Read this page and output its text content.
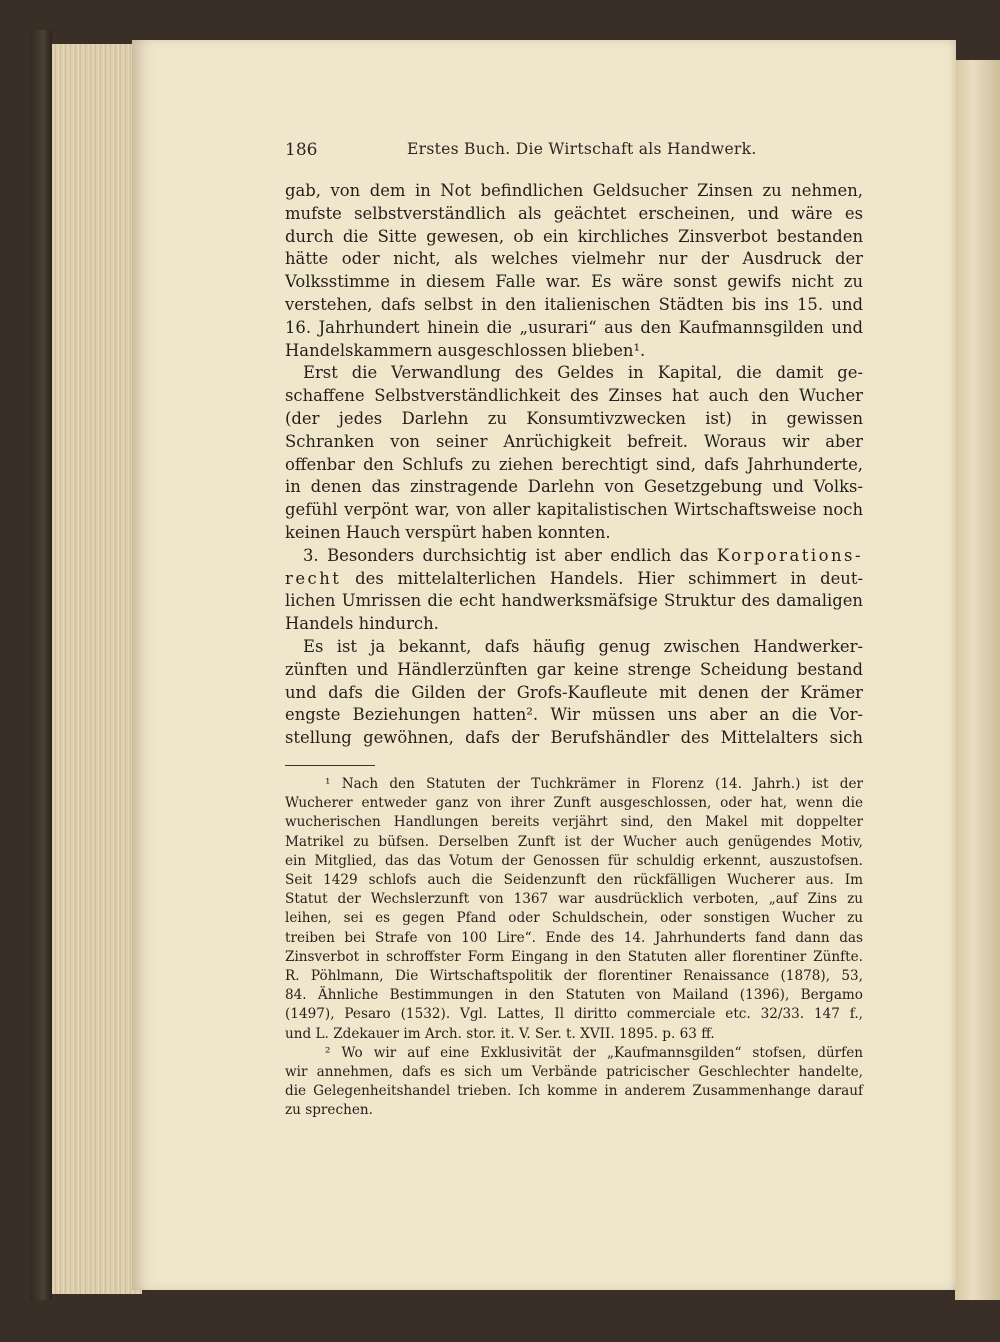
186	Erstes Buch. Die Wirtschaft als Handwerk.

gab, von dem in Not befindlichen Geldsucher Zinsen zu nehmen,
mufste selbstverständlich als geächtet erscheinen, und wäre es
durch die Sitte gewesen, ob ein kirchliches Zinsverbot bestanden
hätte oder nicht, als welches vielmehr nur der Ausdruck der
Volksstimme in diesem Falle war. Es wäre sonst gewifs nicht zu
verstehen, dafs selbst in den italienischen Städten bis ins 15. und
16. Jahrhundert hinein die „usurari“ aus den Kaufmannsgilden und
Handelskammern ausgeschlossen blieben¹.

Erst die Verwandlung des Geldes in Kapital, die damit ge-
schaffene Selbstverständlichkeit des Zinses hat auch den Wucher
(der jedes Darlehn zu Konsumtivzwecken ist) in gewissen
Schranken von seiner Anrüchigkeit befreit. Woraus wir aber
offenbar den Schlufs zu ziehen berechtigt sind, dafs Jahrhunderte,
in denen das zinstragende Darlehn von Gesetzgebung und Volks-
gefühl verpönt war, von aller kapitalistischen Wirtschaftsweise noch
keinen Hauch verspürt haben konnten.

3. Besonders durchsichtig ist aber endlich das Korporations-
recht des mittelalterlichen Handels. Hier schimmert in deut-
lichen Umrissen die echt handwerksmäfsige Struktur des damaligen
Handels hindurch.

Es ist ja bekannt, dafs häufig genug zwischen Handwerker-
zünften und Händlerzünften gar keine strenge Scheidung bestand
und dafs die Gilden der Grofs-Kaufleute mit denen der Krämer
engste Beziehungen hatten². Wir müssen uns aber an die Vor-
stellung gewöhnen, dafs der Berufshändler des Mittelalters sich

¹ Nach den Statuten der Tuchkrämer in Florenz (14. Jahrh.) ist der
Wucherer entweder ganz von ihrer Zunft ausgeschlossen, oder hat, wenn die
wucherischen Handlungen bereits verjährt sind, den Makel mit doppelter
Matrikel zu büfsen. Derselben Zunft ist der Wucher auch genügendes Motiv,
ein Mitglied, das das Votum der Genossen für schuldig erkennt, auszustofsen.
Seit 1429 schlofs auch die Seidenzunft den rückfälligen Wucherer aus. Im
Statut der Wechslerzunft von 1367 war ausdrücklich verboten, „auf Zins zu
leihen, sei es gegen Pfand oder Schuldschein, oder sonstigen Wucher zu
treiben bei Strafe von 100 Lire“. Ende des 14. Jahrhunderts fand dann das
Zinsverbot in schroffster Form Eingang in den Statuten aller florentiner Zünfte.
R. Pöhlmann, Die Wirtschaftspolitik der florentiner Renaissance (1878), 53,
84. Ähnliche Bestimmungen in den Statuten von Mailand (1396), Bergamo
(1497), Pesaro (1532). Vgl. Lattes, Il diritto commerciale etc. 32/33. 147 f.,
und L. Zdekauer im Arch. stor. it. V. Ser. t. XVII. 1895. p. 63 ff.
² Wo wir auf eine Exklusivität der „Kaufmannsgilden“ stofsen, dürfen
wir annehmen, dafs es sich um Verbände patricischer Geschlechter handelte,
die Gelegenheitshandel trieben. Ich komme in anderem Zusammenhange darauf
zu sprechen.
